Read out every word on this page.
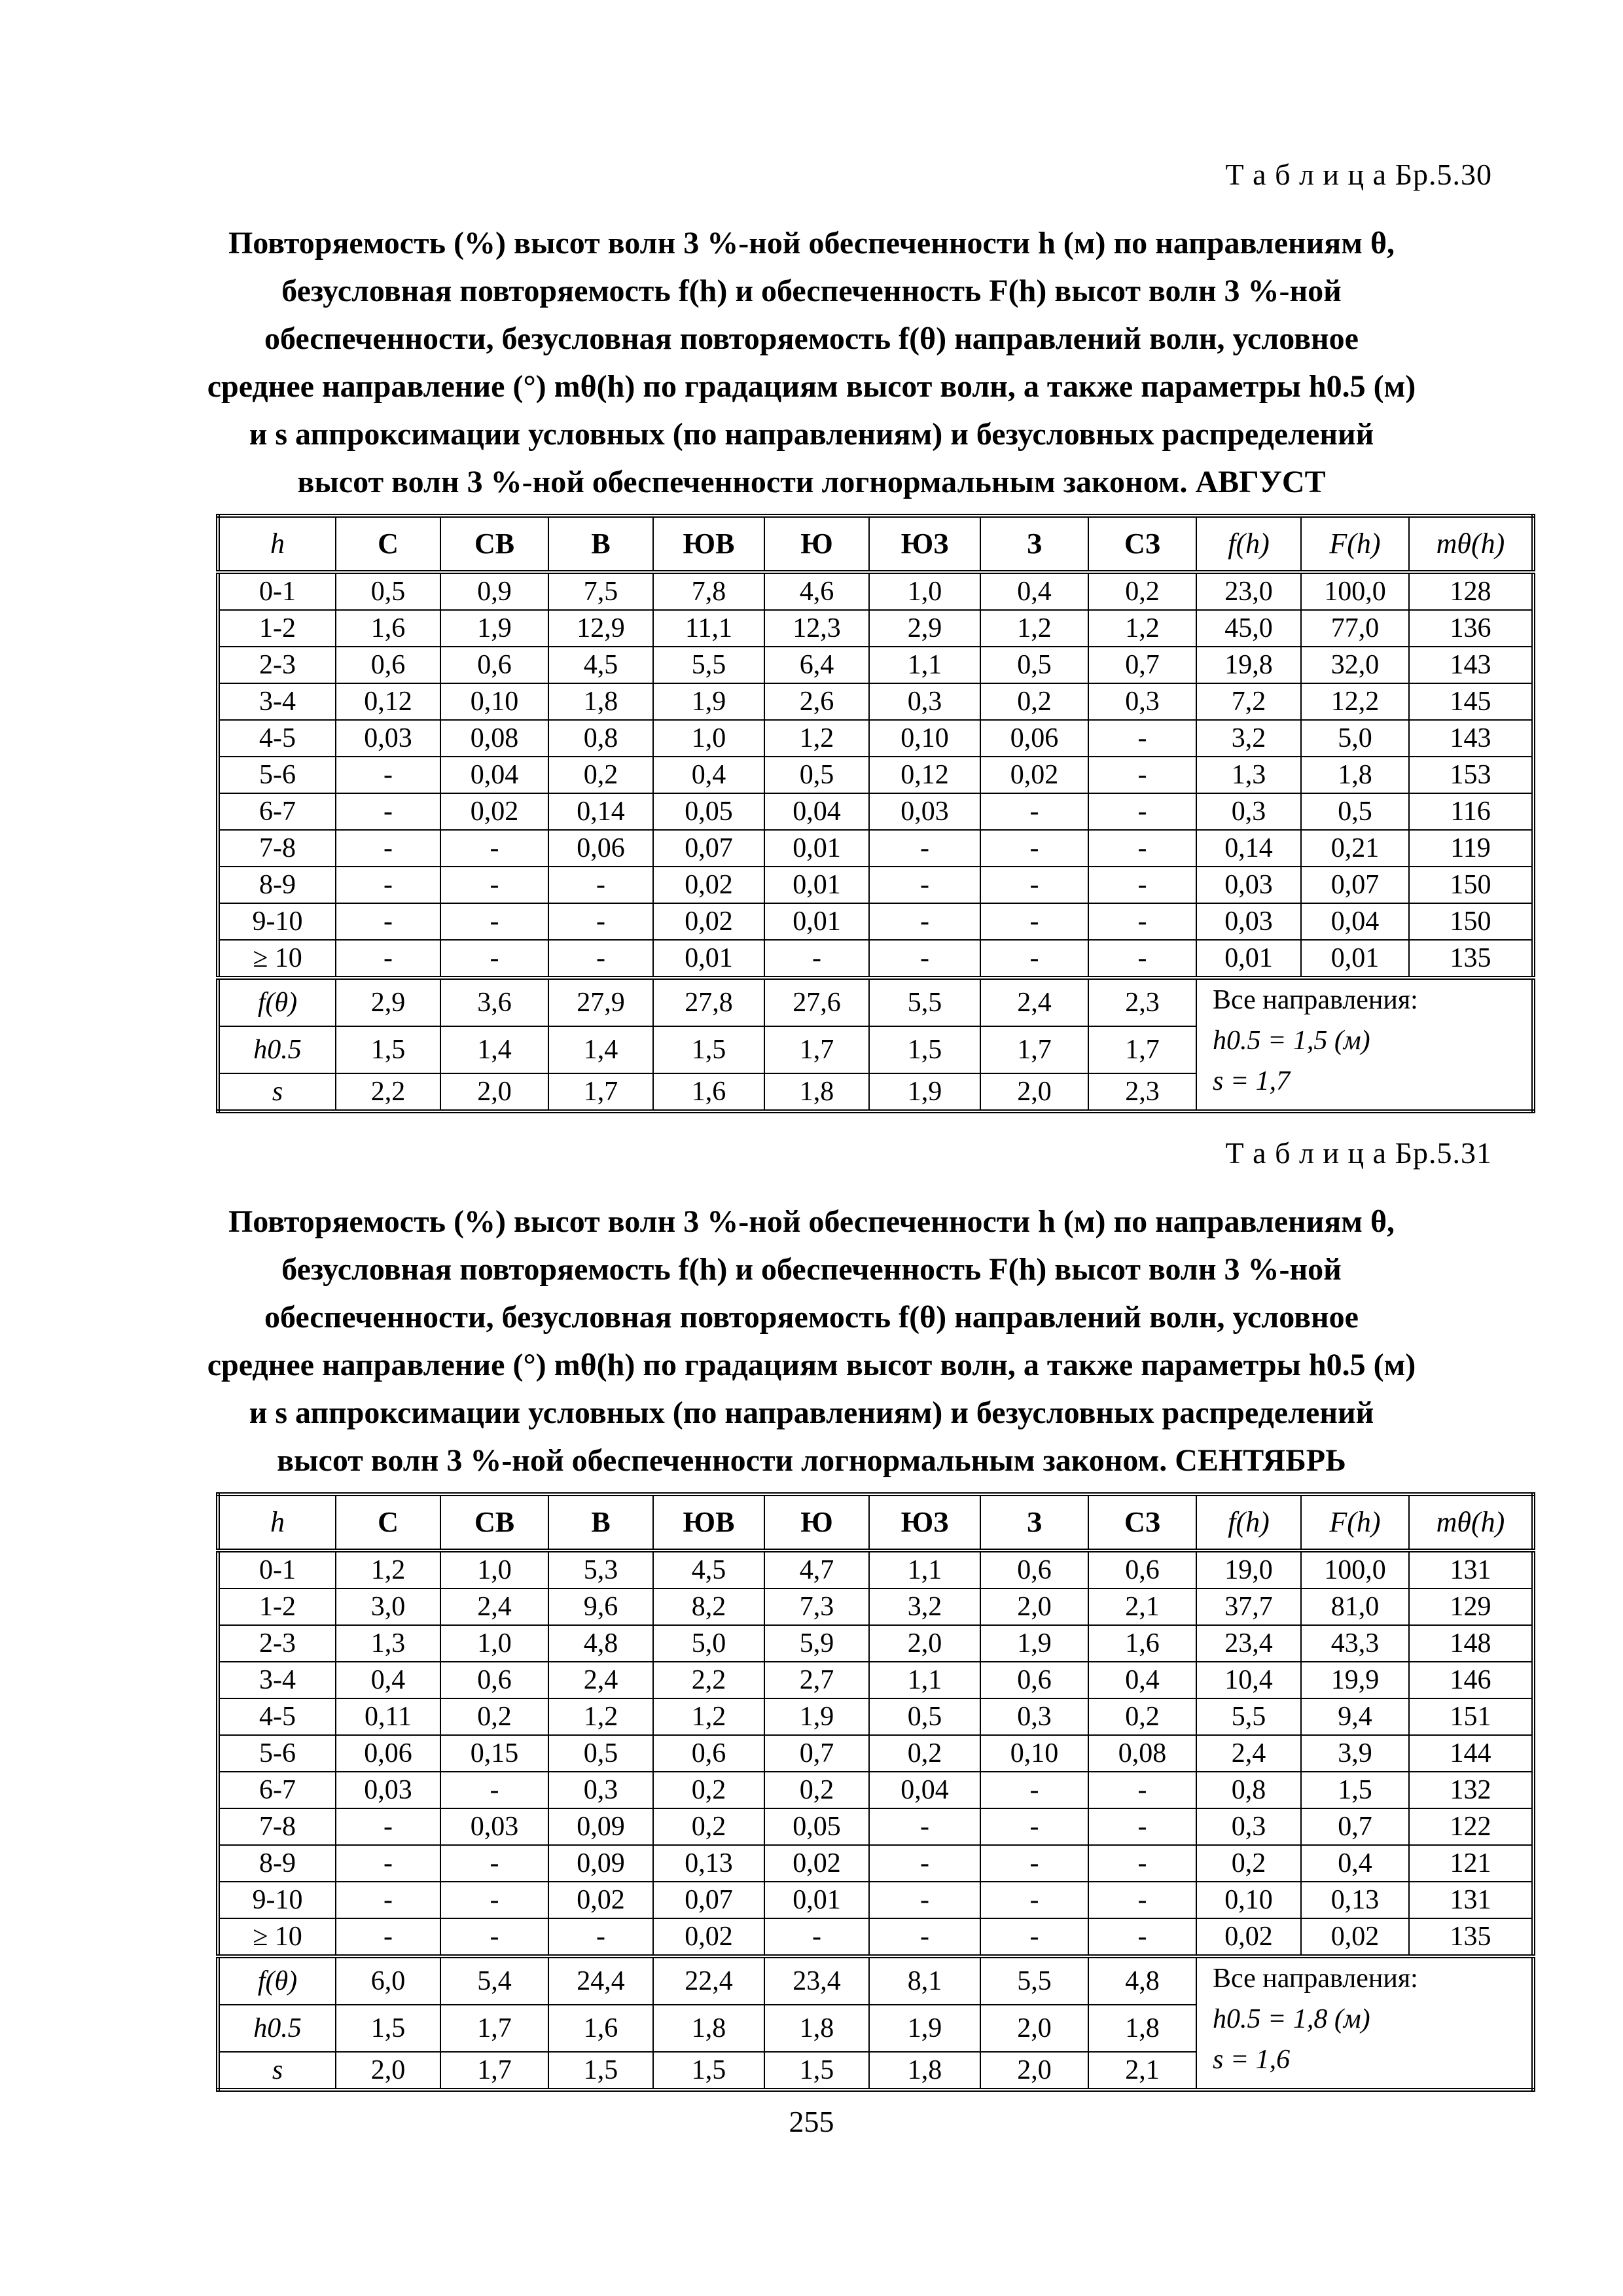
Т а б л и ц а Бр.5.30
Повторяемость (%) высот волн 3 %-ной обеспеченности h (м) по направлениям θ,
безусловная повторяемость f(h) и обеспеченность F(h) высот волн 3 %-ной
обеспеченности, безусловная повторяемость f(θ) направлений волн, условное
среднее направление (°) mθ(h) по градациям высот волн, а также параметры h0.5 (м)
и s аппроксимации условных (по направлениям) и безусловных распределений
высот волн 3 %-ной обеспеченности логнормальным законом. АВГУСТ
h	С	СВ	В	ЮВ	Ю	ЮЗ	З	СЗ	f(h)	F(h)	mθ(h)
0-1	0,5	0,9	7,5	7,8	4,6	1,0	0,4	0,2	23,0	100,0	128
1-2	1,6	1,9	12,9	11,1	12,3	2,9	1,2	1,2	45,0	77,0	136
2-3	0,6	0,6	4,5	5,5	6,4	1,1	0,5	0,7	19,8	32,0	143
3-4	0,12	0,10	1,8	1,9	2,6	0,3	0,2	0,3	7,2	12,2	145
4-5	0,03	0,08	0,8	1,0	1,2	0,10	0,06	-	3,2	5,0	143
5-6	-	0,04	0,2	0,4	0,5	0,12	0,02	-	1,3	1,8	153
6-7	-	0,02	0,14	0,05	0,04	0,03	-	-	0,3	0,5	116
7-8	-	-	0,06	0,07	0,01	-	-	-	0,14	0,21	119
8-9	-	-	-	0,02	0,01	-	-	-	0,03	0,07	150
9-10	-	-	-	0,02	0,01	-	-	-	0,03	0,04	150
≥ 10	-	-	-	0,01	-	-	-	-	0,01	0,01	135
f(θ)	2,9	3,6	27,9	27,8	27,6	5,5	2,4	2,3	Все направления:
h0.5 = 1,5 (м)
s = 1,7		

h0.5	1,5	1,4	1,4	1,5	1,7	1,5	1,7	1,7			
s	2,2	2,0	1,7	1,6	1,8	1,9	2,0	2,3			
Т а б л и ц а Бр.5.31
Повторяемость (%) высот волн 3 %-ной обеспеченности h (м) по направлениям θ,
безусловная повторяемость f(h) и обеспеченность F(h) высот волн 3 %-ной
обеспеченности, безусловная повторяемость f(θ) направлений волн, условное
среднее направление (°) mθ(h) по градациям высот волн, а также параметры h0.5 (м)
и s аппроксимации условных (по направлениям) и безусловных распределений
высот волн 3 %-ной обеспеченности логнормальным законом. СЕНТЯБРЬ
h	С	СВ	В	ЮВ	Ю	ЮЗ	З	СЗ	f(h)	F(h)	mθ(h)
0-1	1,2	1,0	5,3	4,5	4,7	1,1	0,6	0,6	19,0	100,0	131
1-2	3,0	2,4	9,6	8,2	7,3	3,2	2,0	2,1	37,7	81,0	129
2-3	1,3	1,0	4,8	5,0	5,9	2,0	1,9	1,6	23,4	43,3	148
3-4	0,4	0,6	2,4	2,2	2,7	1,1	0,6	0,4	10,4	19,9	146
4-5	0,11	0,2	1,2	1,2	1,9	0,5	0,3	0,2	5,5	9,4	151
5-6	0,06	0,15	0,5	0,6	0,7	0,2	0,10	0,08	2,4	3,9	144
6-7	0,03	-	0,3	0,2	0,2	0,04	-	-	0,8	1,5	132
7-8	-	0,03	0,09	0,2	0,05	-	-	-	0,3	0,7	122
8-9	-	-	0,09	0,13	0,02	-	-	-	0,2	0,4	121
9-10	-	-	0,02	0,07	0,01	-	-	-	0,10	0,13	131
≥ 10	-	-	-	0,02	-	-	-	-	0,02	0,02	135
f(θ)	6,0	5,4	24,4	22,4	23,4	8,1	5,5	4,8	Все направления:
h0.5 = 1,8 (м)
s = 1,6		

h0.5	1,5	1,7	1,6	1,8	1,8	1,9	2,0	1,8			
s	2,0	1,7	1,5	1,5	1,5	1,8	2,0	2,1			
255
